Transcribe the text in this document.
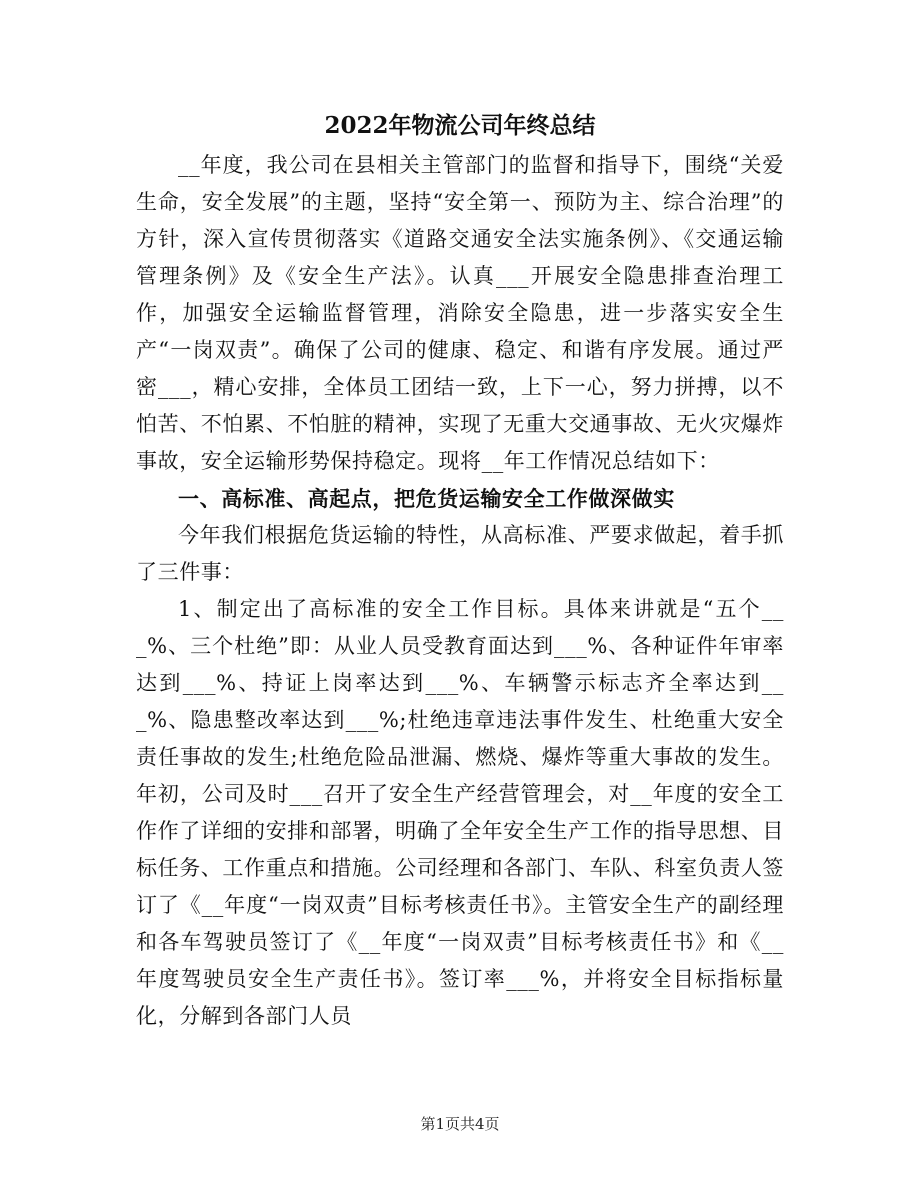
2022年物流公司年终总结

__年度，我公司在县相关主管部门的监督和指导下，围绕“关爱生命，安全发展”的主题，坚持“安全第一、预防为主、综合治理”的方针，深入宣传贯彻落实《道路交通安全法实施条例》、《交通运输管理条例》及《安全生产法》。认真___开展安全隐患排查治理工作，加强安全运输监督管理，消除安全隐患，进一步落实安全生产“一岗双责”。确保了公司的健康、稳定、和谐有序发展。通过严密___，精心安排，全体员工团结一致，上下一心，努力拼搏，以不怕苦、不怕累、不怕脏的精神，实现了无重大交通事故、无火灾爆炸事故，安全运输形势保持稳定。现将__年工作情况总结如下：

一、高标准、高起点，把危货运输安全工作做深做实

今年我们根据危货运输的特性，从高标准、严要求做起，着手抓了三件事：

1、制定出了高标准的安全工作目标。具体来讲就是“五个___%、三个杜绝”即：从业人员受教育面达到___%、各种证件年审率达到___%、持证上岗率达到___%、车辆警示标志齐全率达到___%、隐患整改率达到___%;杜绝违章违法事件发生、杜绝重大安全责任事故的发生;杜绝危险品泄漏、燃烧、爆炸等重大事故的发生。年初，公司及时___召开了安全生产经营管理会，对__年度的安全工作作了详细的安排和部署，明确了全年安全生产工作的指导思想、目标任务、工作重点和措施。公司经理和各部门、车队、科室负责人签订了《__年度“一岗双责”目标考核责任书》。主管安全生产的副经理和各车驾驶员签订了《__年度“一岗双责”目标考核责任书》和《__年度驾驶员安全生产责任书》。签订率___%，并将安全目标指标量化，分解到各部门人员

第1页共4页
